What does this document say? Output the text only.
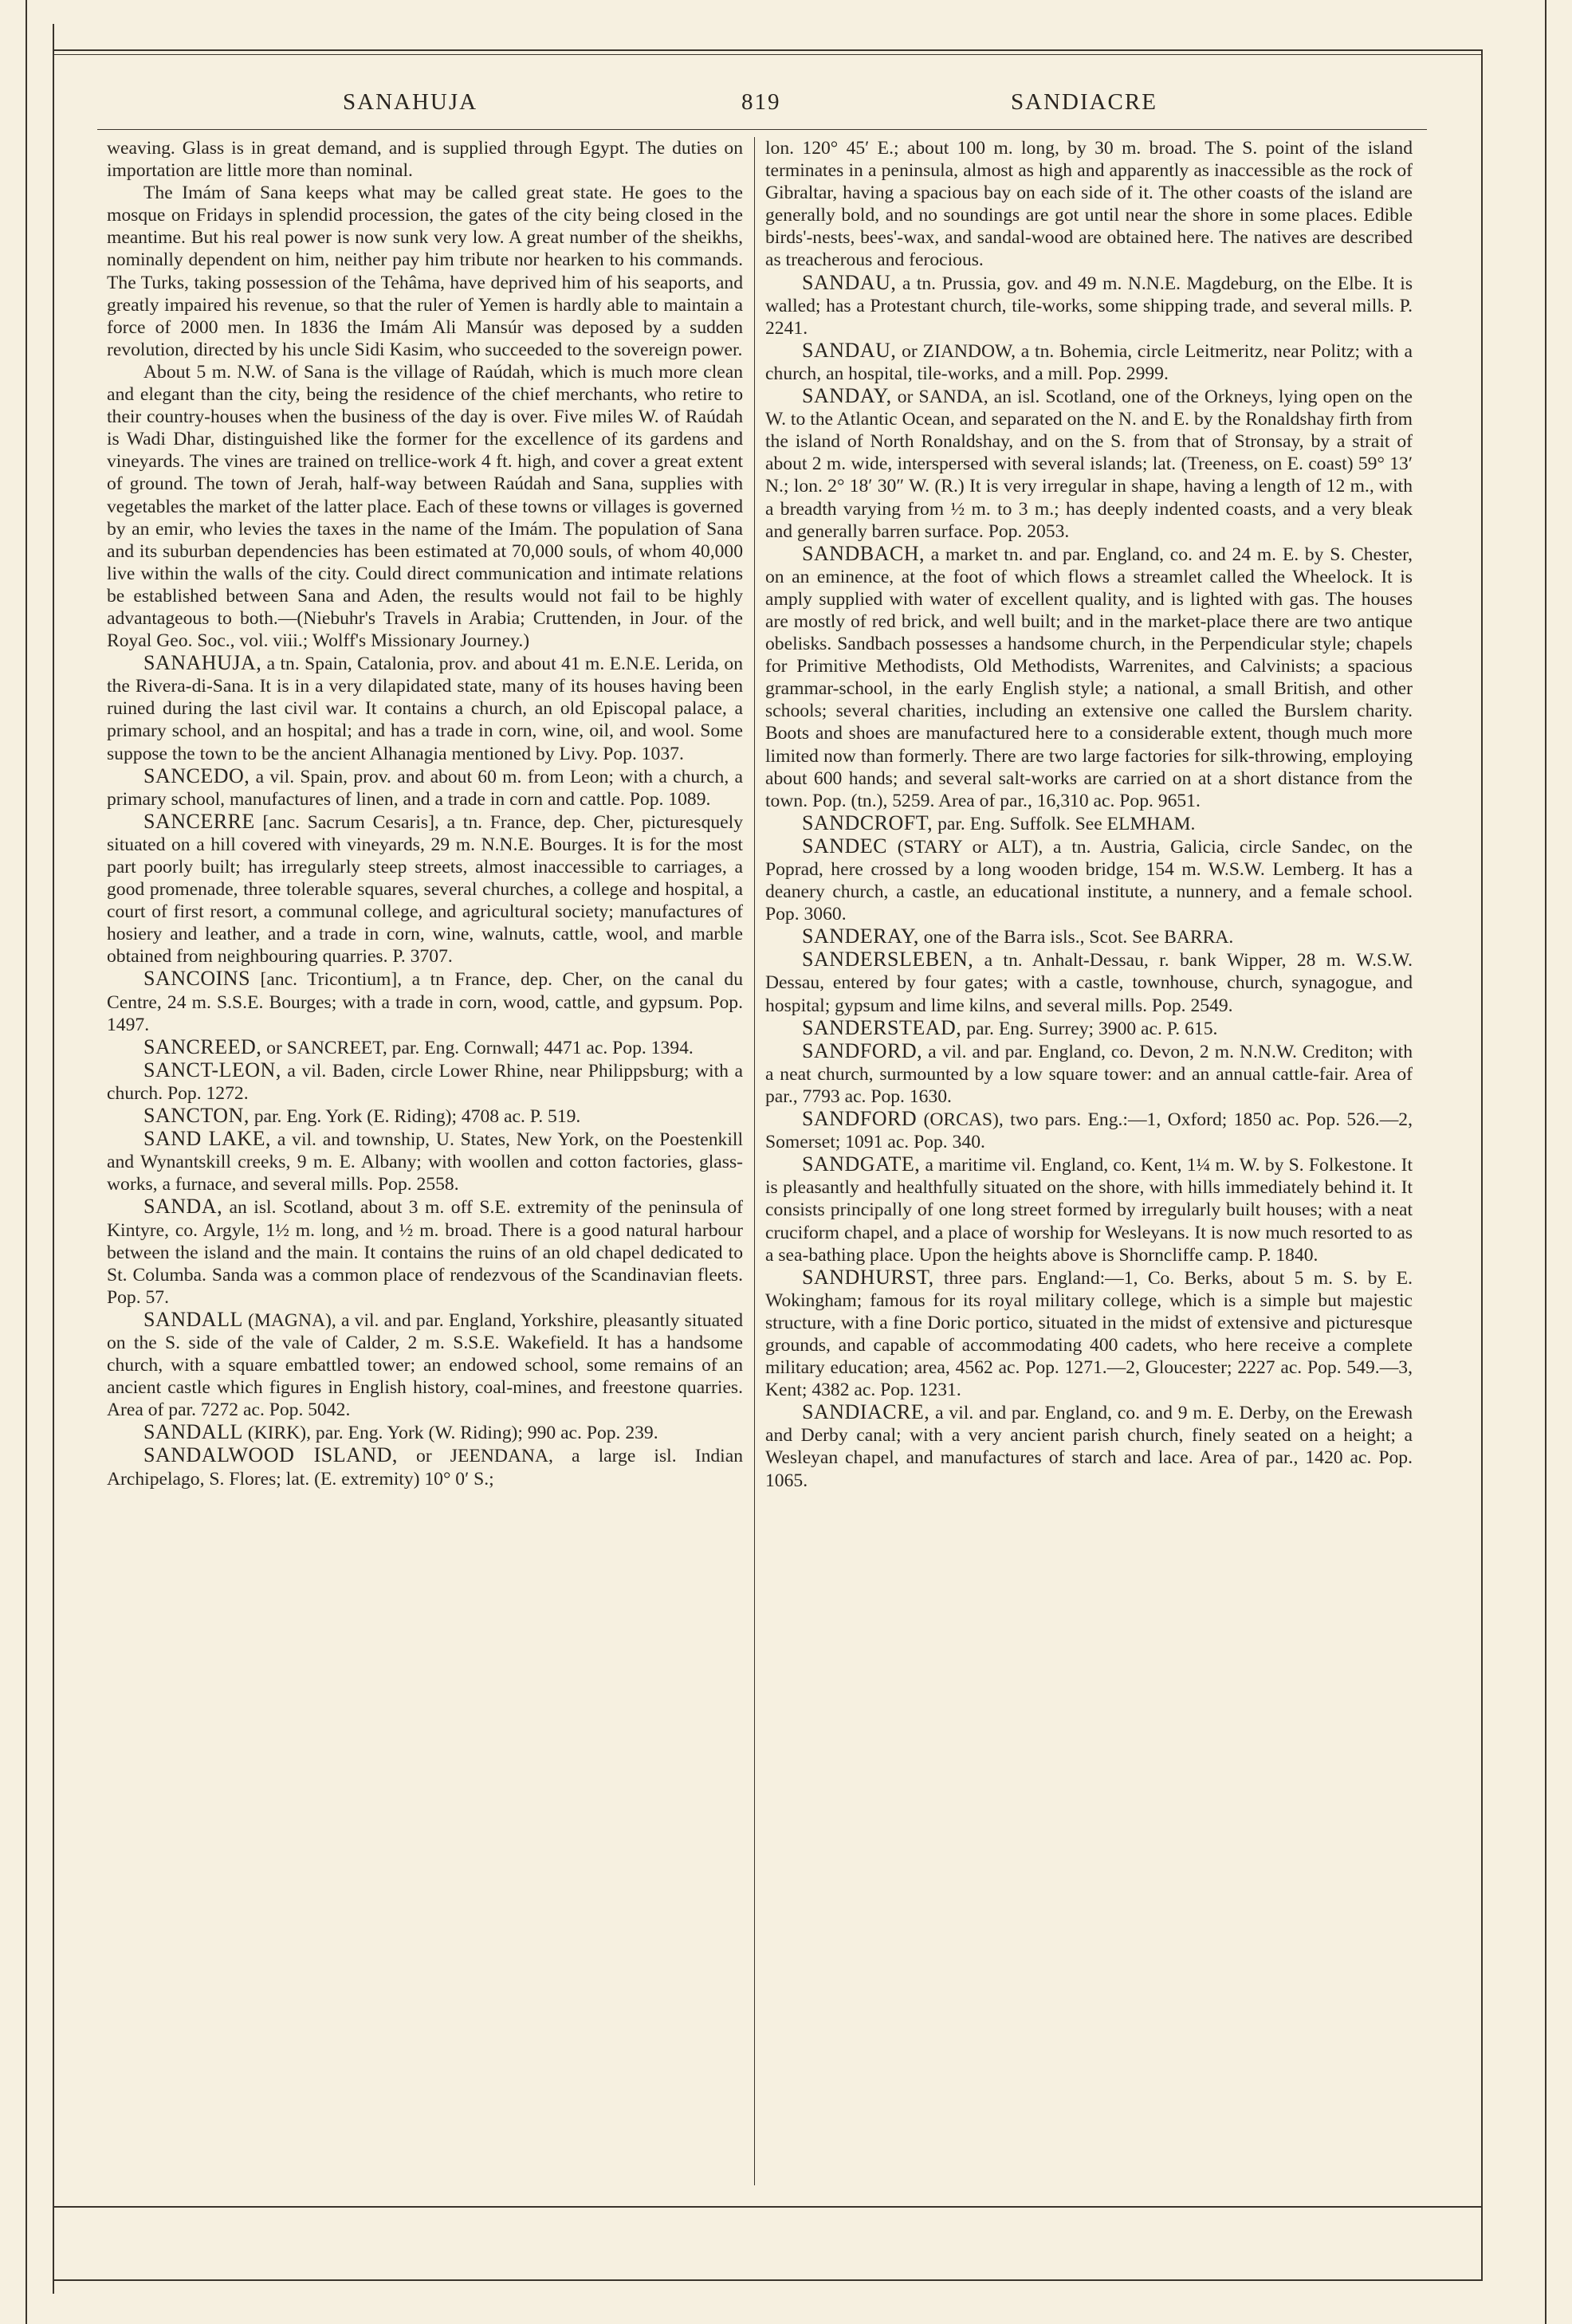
SANAHUJA	819	SANDIACRE

weaving. Glass is in great demand, and is supplied through Egypt. The duties on importation are little more than nominal.

The Imám of Sana keeps what may be called great state. He goes to the mosque on Fridays in splendid procession, the gates of the city being closed in the meantime. But his real power is now sunk very low. A great number of the sheikhs, nominally dependent on him, neither pay him tribute nor hearken to his commands. The Turks, taking possession of the Tehâma, have deprived him of his seaports, and greatly impaired his revenue, so that the ruler of Yemen is hardly able to maintain a force of 2000 men. In 1836 the Imám Ali Mansúr was deposed by a sudden revolution, directed by his uncle Sidi Kasim, who succeeded to the sovereign power.

About 5 m. N.W. of Sana is the village of Raúdah, which is much more clean and elegant than the city, being the residence of the chief merchants, who retire to their country-houses when the business of the day is over. Five miles W. of Raúdah is Wadi Dhar, distinguished like the former for the excellence of its gardens and vineyards. The vines are trained on trellice-work 4 ft. high, and cover a great extent of ground. The town of Jerah, half-way between Raúdah and Sana, supplies with vegetables the market of the latter place. Each of these towns or villages is governed by an emir, who levies the taxes in the name of the Imám. The population of Sana and its suburban dependencies has been estimated at 70,000 souls, of whom 40,000 live within the walls of the city. Could direct communication and intimate relations be established between Sana and Aden, the results would not fail to be highly advantageous to both.—(Niebuhr's Travels in Arabia; Cruttenden, in Jour. of the Royal Geo. Soc., vol. viii.; Wolff's Missionary Journey.)

SANAHUJA, a tn. Spain, Catalonia, prov. and about 41 m. E.N.E. Lerida, on the Rivera-di-Sana. It is in a very dilapidated state, many of its houses having been ruined during the last civil war. It contains a church, an old Episcopal palace, a primary school, and an hospital; and has a trade in corn, wine, oil, and wool. Some suppose the town to be the ancient Alhanagia mentioned by Livy. Pop. 1037.

SANCEDO, a vil. Spain, prov. and about 60 m. from Leon; with a church, a primary school, manufactures of linen, and a trade in corn and cattle. Pop. 1089.

SANCERRE [anc. Sacrum Cesaris], a tn. France, dep. Cher, picturesquely situated on a hill covered with vineyards, 29 m. N.N.E. Bourges. It is for the most part poorly built; has irregularly steep streets, almost inaccessible to carriages, a good promenade, three tolerable squares, several churches, a college and hospital, a court of first resort, a communal college, and agricultural society; manufactures of hosiery and leather, and a trade in corn, wine, walnuts, cattle, wool, and marble obtained from neighbouring quarries. P. 3707.

SANCOINS [anc. Tricontium], a tn France, dep. Cher, on the canal du Centre, 24 m. S.S.E. Bourges; with a trade in corn, wood, cattle, and gypsum. Pop. 1497.

SANCREED, or SANCREET, par. Eng. Cornwall; 4471 ac. Pop. 1394.

SANCT-LEON, a vil. Baden, circle Lower Rhine, near Philippsburg; with a church. Pop. 1272.

SANCTON, par. Eng. York (E. Riding); 4708 ac. P. 519.

SAND LAKE, a vil. and township, U. States, New York, on the Poestenkill and Wynantskill creeks, 9 m. E. Albany; with woollen and cotton factories, glass-works, a furnace, and several mills. Pop. 2558.

SANDA, an isl. Scotland, about 3 m. off S.E. extremity of the peninsula of Kintyre, co. Argyle, 1½ m. long, and ½ m. broad. There is a good natural harbour between the island and the main. It contains the ruins of an old chapel dedicated to St. Columba. Sanda was a common place of rendezvous of the Scandinavian fleets. Pop. 57.

SANDALL (MAGNA), a vil. and par. England, Yorkshire, pleasantly situated on the S. side of the vale of Calder, 2 m. S.S.E. Wakefield. It has a handsome church, with a square embattled tower; an endowed school, some remains of an ancient castle which figures in English history, coal-mines, and freestone quarries. Area of par. 7272 ac. Pop. 5042.

SANDALL (KIRK), par. Eng. York (W. Riding); 990 ac. Pop. 239.

SANDALWOOD ISLAND, or JEENDANA, a large isl. Indian Archipelago, S. Flores; lat. (E. extremity) 10° 0′ S.;

lon. 120° 45′ E.; about 100 m. long, by 30 m. broad. The S. point of the island terminates in a peninsula, almost as high and apparently as inaccessible as the rock of Gibraltar, having a spacious bay on each side of it. The other coasts of the island are generally bold, and no soundings are got until near the shore in some places. Edible birds'-nests, bees'-wax, and sandal-wood are obtained here. The natives are described as treacherous and ferocious.

SANDAU, a tn. Prussia, gov. and 49 m. N.N.E. Magdeburg, on the Elbe. It is walled; has a Protestant church, tile-works, some shipping trade, and several mills. P. 2241.

SANDAU, or ZIANDOW, a tn. Bohemia, circle Leitmeritz, near Politz; with a church, an hospital, tile-works, and a mill. Pop. 2999.

SANDAY, or SANDA, an isl. Scotland, one of the Orkneys, lying open on the W. to the Atlantic Ocean, and separated on the N. and E. by the Ronaldshay firth from the island of North Ronaldshay, and on the S. from that of Stronsay, by a strait of about 2 m. wide, interspersed with several islands; lat. (Treeness, on E. coast) 59° 13′ N.; lon. 2° 18′ 30″ W. (R.) It is very irregular in shape, having a length of 12 m., with a breadth varying from ½ m. to 3 m.; has deeply indented coasts, and a very bleak and generally barren surface. Pop. 2053.

SANDBACH, a market tn. and par. England, co. and 24 m. E. by S. Chester, on an eminence, at the foot of which flows a streamlet called the Wheelock. It is amply supplied with water of excellent quality, and is lighted with gas. The houses are mostly of red brick, and well built; and in the market-place there are two antique obelisks. Sandbach possesses a handsome church, in the Perpendicular style; chapels for Primitive Methodists, Old Methodists, Warrenites, and Calvinists; a spacious grammar-school, in the early English style; a national, a small British, and other schools; several charities, including an extensive one called the Burslem charity. Boots and shoes are manufactured here to a considerable extent, though much more limited now than formerly. There are two large factories for silk-throwing, employing about 600 hands; and several salt-works are carried on at a short distance from the town. Pop. (tn.), 5259. Area of par., 16,310 ac. Pop. 9651.

SANDCROFT, par. Eng. Suffolk. See ELMHAM.

SANDEC (STARY or ALT), a tn. Austria, Galicia, circle Sandec, on the Poprad, here crossed by a long wooden bridge, 154 m. W.S.W. Lemberg. It has a deanery church, a castle, an educational institute, a nunnery, and a female school. Pop. 3060.

SANDERAY, one of the Barra isls., Scot. See BARRA.

SANDERSLEBEN, a tn. Anhalt-Dessau, r. bank Wipper, 28 m. W.S.W. Dessau, entered by four gates; with a castle, townhouse, church, synagogue, and hospital; gypsum and lime kilns, and several mills. Pop. 2549.

SANDERSTEAD, par. Eng. Surrey; 3900 ac. P. 615.

SANDFORD, a vil. and par. England, co. Devon, 2 m. N.N.W. Crediton; with a neat church, surmounted by a low square tower: and an annual cattle-fair. Area of par., 7793 ac. Pop. 1630.

SANDFORD (ORCAS), two pars. Eng.:—1, Oxford; 1850 ac. Pop. 526.—2, Somerset; 1091 ac. Pop. 340.

SANDGATE, a maritime vil. England, co. Kent, 1¼ m. W. by S. Folkestone. It is pleasantly and healthfully situated on the shore, with hills immediately behind it. It consists principally of one long street formed by irregularly built houses; with a neat cruciform chapel, and a place of worship for Wesleyans. It is now much resorted to as a sea-bathing place. Upon the heights above is Shorncliffe camp. P. 1840.

SANDHURST, three pars. England:—1, Co. Berks, about 5 m. S. by E. Wokingham; famous for its royal military college, which is a simple but majestic structure, with a fine Doric portico, situated in the midst of extensive and picturesque grounds, and capable of accommodating 400 cadets, who here receive a complete military education; area, 4562 ac. Pop. 1271.—2, Gloucester; 2227 ac. Pop. 549.—3, Kent; 4382 ac. Pop. 1231.

SANDIACRE, a vil. and par. England, co. and 9 m. E. Derby, on the Erewash and Derby canal; with a very ancient parish church, finely seated on a height; a Wesleyan chapel, and manufactures of starch and lace. Area of par., 1420 ac. Pop. 1065.
